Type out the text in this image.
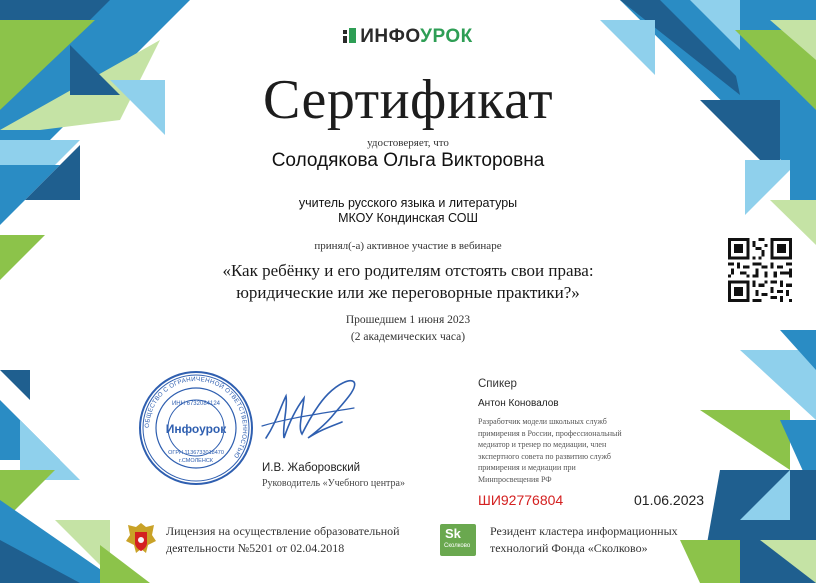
ИНФОУРОК
Сертификат
удостоверяет, что
Солодякова Ольга Викторовна
учитель русского языка и литературы
МКОУ Кондинская СОШ
принял(-а) активное участие в вебинаре
«Как ребёнку и его родителям отстоять свои права:
юридические или же переговорные практики?»
Прошедшем 1 июня 2023
(2 академических часа)
ОБЩЕСТВО С ОГРАНИЧЕННОЙ ОТВЕТСТВЕННОСТЬЮ
ИНН 6732084124
Инфоурок
ОГРН 1136733018470
г.СМОЛЕНСК
И.В. Жаборовский
Руководитель «Учебного центра»
Спикер
Антон Коновалов
Разработчик модели школьных служб
примирения в России, профессиональный
медиатор и тренер по медиации, член
экспертного совета по развитию служб
примирения и медиации при
Минпросвещения РФ
ШИ92776804	01.06.2023
Лицензия на осуществление образовательной
деятельности №5201 от 02.04.2018
Sk
Сколково
Резидент кластера информационных
технологий Фонда «Сколково»
